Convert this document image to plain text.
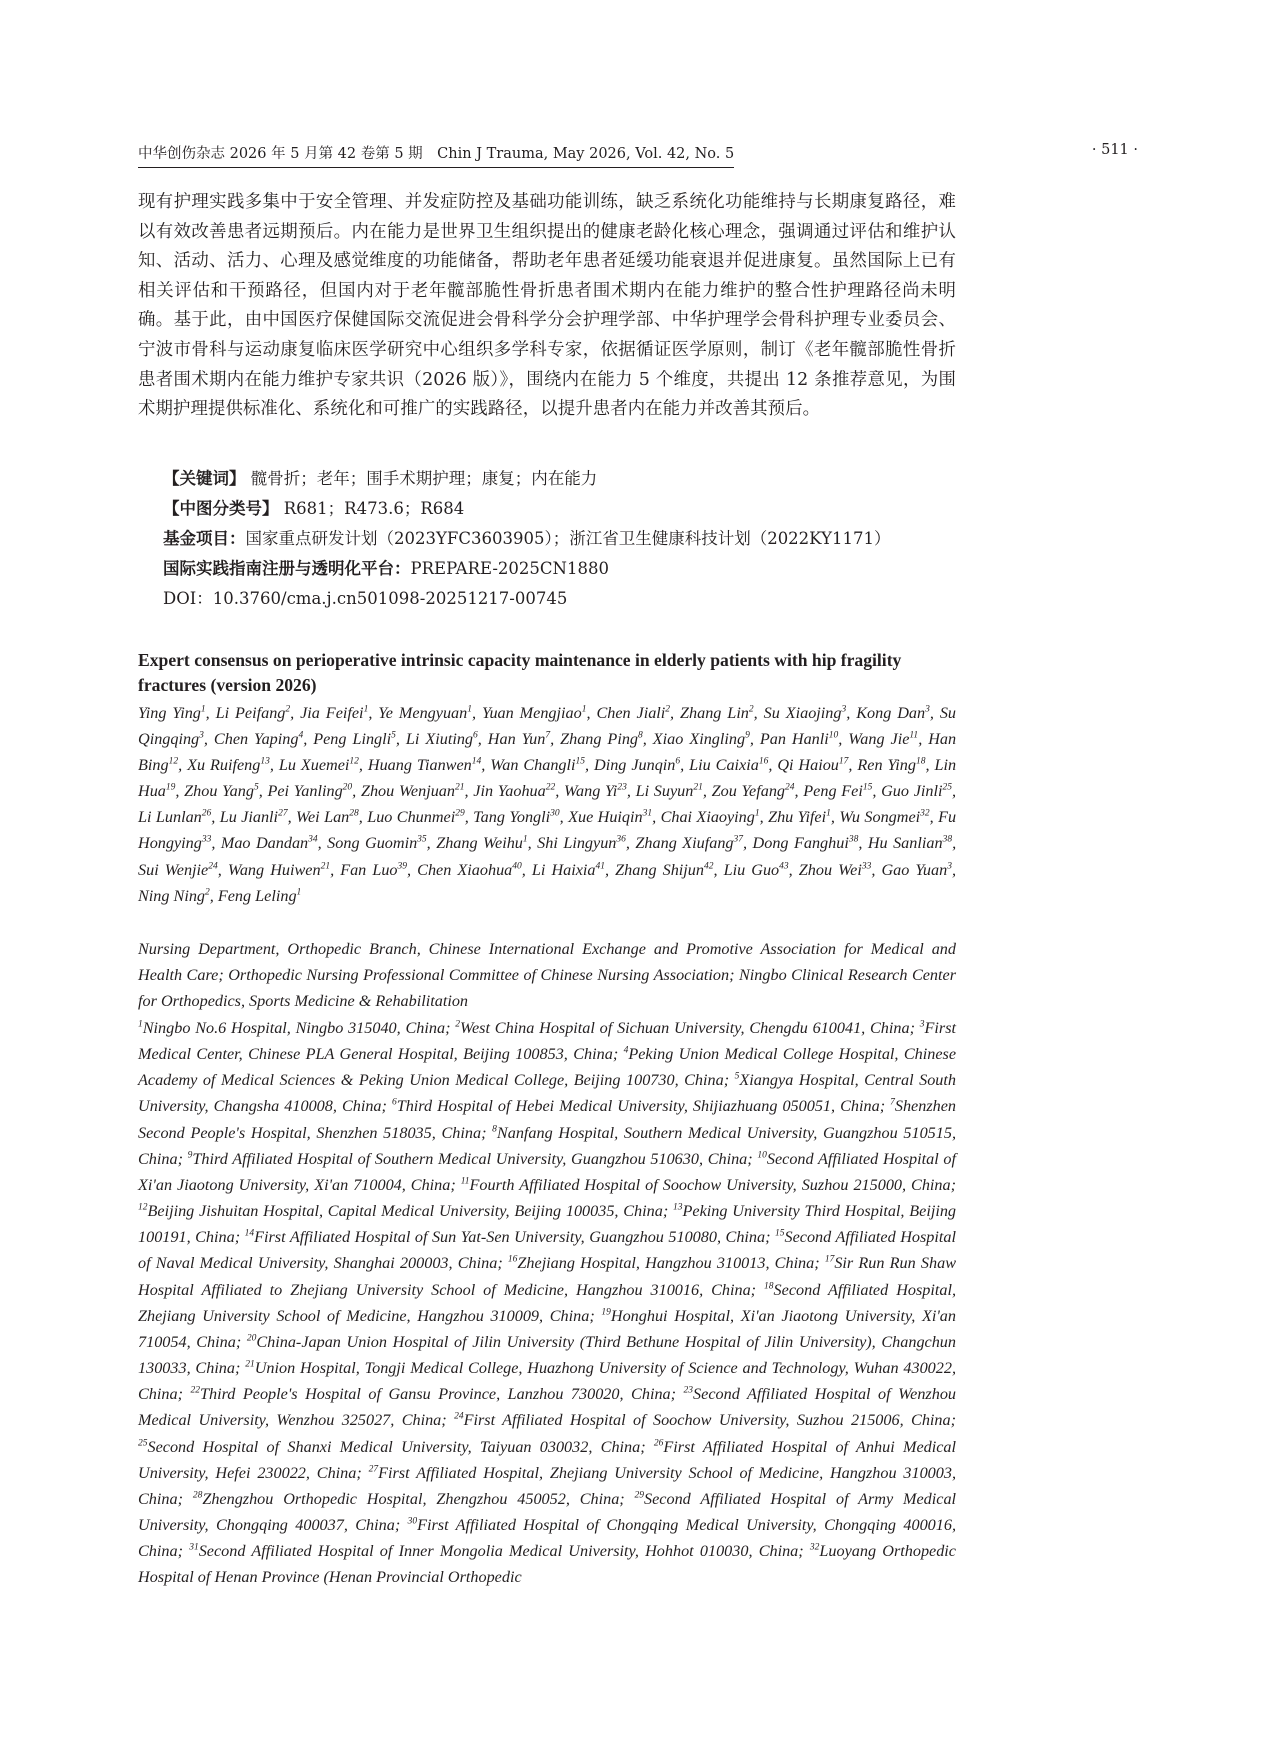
中华创伤杂志 2026 年 5 月第 42 卷第 5 期　Chin J Trauma, May 2026, Vol. 42, No. 5	· 511 ·

现有护理实践多集中于安全管理、并发症防控及基础功能训练，缺乏系统化功能维持与长期康复路径，难以有效改善患者远期预后。内在能力是世界卫生组织提出的健康老龄化核心理念，强调通过评估和维护认知、活动、活力、心理及感觉维度的功能储备，帮助老年患者延缓功能衰退并促进康复。虽然国际上已有相关评估和干预路径，但国内对于老年髋部脆性骨折患者围术期内在能力维护的整合性护理路径尚未明确。基于此，由中国医疗保健国际交流促进会骨科学分会护理学部、中华护理学会骨科护理专业委员会、宁波市骨科与运动康复临床医学研究中心组织多学科专家，依据循证医学原则，制订《老年髋部脆性骨折患者围术期内在能力维护专家共识（2026 版）》，围绕内在能力 5 个维度，共提出 12 条推荐意见，为围术期护理提供标准化、系统化和可推广的实践路径，以提升患者内在能力并改善其预后。

【关键词】 髋骨折；老年；围手术期护理；康复；内在能力
【中图分类号】 R681；R473.6；R684
基金项目：国家重点研发计划（2023YFC3603905）；浙江省卫生健康科技计划（2022KY1171）
国际实践指南注册与透明化平台：PREPARE-2025CN1880
DOI：10.3760/cma.j.cn501098-20251217-00745
Expert consensus on perioperative intrinsic capacity maintenance in elderly patients with hip fragility fractures (version 2026)
Ying Ying$^1$, Li Peifang$^2$, Jia Feifei$^1$, Ye Mengyuan$^1$, Yuan Mengjiao$^1$, Chen Jiali$^2$, Zhang Lin$^2$, Su Xiaojing$^3$, Kong Dan$^3$, Su Qingqing$^3$, Chen Yaping$^4$, Peng Lingli$^5$, Li Xiuting$^6$, Han Yun$^7$, Zhang Ping$^8$, Xiao Xingling$^9$, Pan Hanli$^{10}$, Wang Jie$^{11}$, Han Bing$^{12}$, Xu Ruifeng$^{13}$, Lu Xuemei$^{12}$, Huang Tianwen$^{14}$, Wan Changli$^{15}$, Ding Junqin$^6$, Liu Caixia$^{16}$, Qi Haiou$^{17}$, Ren Ying$^{18}$, Lin Hua$^{19}$, Zhou Yang$^5$, Pei Yanling$^{20}$, Zhou Wenjuan$^{21}$, Jin Yaohua$^{22}$, Wang Yi$^{23}$, Li Suyun$^{21}$, Zou Yefang$^{24}$, Peng Fei$^{15}$, Guo Jinli$^{25}$, Li Lunlan$^{26}$, Lu Jianli$^{27}$, Wei Lan$^{28}$, Luo Chunmei$^{29}$, Tang Yongli$^{30}$, Xue Huiqin$^{31}$, Chai Xiaoying$^1$, Zhu Yifei$^1$, Wu Songmei$^{32}$, Fu Hongying$^{33}$, Mao Dandan$^{34}$, Song Guomin$^{35}$, Zhang Weihu$^1$, Shi Lingyun$^{36}$, Zhang Xiufang$^{37}$, Dong Fanghui$^{38}$, Hu Sanlian$^{38}$, Sui Wenjie$^{24}$, Wang Huiwen$^{21}$, Fan Luo$^{39}$, Chen Xiaohua$^{40}$, Li Haixia$^{41}$, Zhang Shijun$^{42}$, Liu Guo$^{43}$, Zhou Wei$^{33}$, Gao Yuan$^3$, Ning Ning$^2$, Feng Leling$^1$
Nursing Department, Orthopedic Branch, Chinese International Exchange and Promotive Association for Medical and Health Care; Orthopedic Nursing Professional Committee of Chinese Nursing Association; Ningbo Clinical Research Center for Orthopedics, Sports Medicine & Rehabilitation
$^1$Ningbo No.6 Hospital, Ningbo 315040, China; $^2$West China Hospital of Sichuan University, Chengdu 610041, China; $^3$First Medical Center, Chinese PLA General Hospital, Beijing 100853, China; $^4$Peking Union Medical College Hospital, Chinese Academy of Medical Sciences & Peking Union Medical College, Beijing 100730, China; $^5$Xiangya Hospital, Central South University, Changsha 410008, China; $^6$Third Hospital of Hebei Medical University, Shijiazhuang 050051, China; $^7$Shenzhen Second People's Hospital, Shenzhen 518035, China; $^8$Nanfang Hospital, Southern Medical University, Guangzhou 510515, China; $^9$Third Affiliated Hospital of Southern Medical University, Guangzhou 510630, China; $^{10}$Second Affiliated Hospital of Xi'an Jiaotong University, Xi'an 710004, China; $^{11}$Fourth Affiliated Hospital of Soochow University, Suzhou 215000, China; $^{12}$Beijing Jishuitan Hospital, Capital Medical University, Beijing 100035, China; $^{13}$Peking University Third Hospital, Beijing 100191, China; $^{14}$First Affiliated Hospital of Sun Yat-Sen University, Guangzhou 510080, China; $^{15}$Second Affiliated Hospital of Naval Medical University, Shanghai 200003, China; $^{16}$Zhejiang Hospital, Hangzhou 310013, China; $^{17}$Sir Run Run Shaw Hospital Affiliated to Zhejiang University School of Medicine, Hangzhou 310016, China; $^{18}$Second Affiliated Hospital, Zhejiang University School of Medicine, Hangzhou 310009, China; $^{19}$Honghui Hospital, Xi'an Jiaotong University, Xi'an 710054, China; $^{20}$China-Japan Union Hospital of Jilin University (Third Bethune Hospital of Jilin University), Changchun 130033, China; $^{21}$Union Hospital, Tongji Medical College, Huazhong University of Science and Technology, Wuhan 430022, China; $^{22}$Third People's Hospital of Gansu Province, Lanzhou 730020, China; $^{23}$Second Affiliated Hospital of Wenzhou Medical University, Wenzhou 325027, China; $^{24}$First Affiliated Hospital of Soochow University, Suzhou 215006, China; $^{25}$Second Hospital of Shanxi Medical University, Taiyuan 030032, China; $^{26}$First Affiliated Hospital of Anhui Medical University, Hefei 230022, China; $^{27}$First Affiliated Hospital, Zhejiang University School of Medicine, Hangzhou 310003, China; $^{28}$Zhengzhou Orthopedic Hospital, Zhengzhou 450052, China; $^{29}$Second Affiliated Hospital of Army Medical University, Chongqing 400037, China; $^{30}$First Affiliated Hospital of Chongqing Medical University, Chongqing 400016, China; $^{31}$Second Affiliated Hospital of Inner Mongolia Medical University, Hohhot 010030, China; $^{32}$Luoyang Orthopedic Hospital of Henan Province (Henan Provincial Orthopedic
